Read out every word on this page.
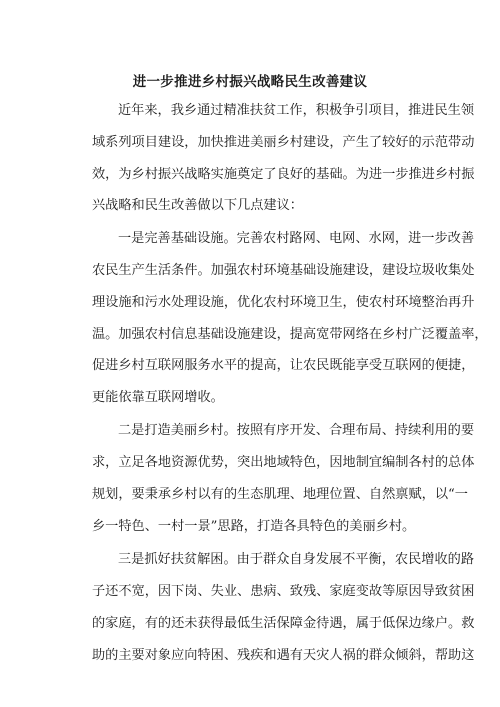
进一步推进乡村振兴战略民生改善建议
近年来，我乡通过精准扶贫工作，积极争引项目，推进民生领
域系列项目建设，加快推进美丽乡村建设，产生了较好的示范带动
效，为乡村振兴战略实施奠定了良好的基础。为进一步推进乡村振
兴战略和民生改善做以下几点建议：
一是完善基础设施。完善农村路网、电网、水网，进一步改善
农民生产生活条件。加强农村环境基础设施建设，建设垃圾收集处
理设施和污水处理设施，优化农村环境卫生，使农村环境整治再升
温。加强农村信息基础设施建设，提高宽带网络在乡村广泛覆盖率，
促进乡村互联网服务水平的提高，让农民既能享受互联网的便捷，
更能依靠互联网增收。
二是打造美丽乡村。按照有序开发、合理布局、持续利用的要
求，立足各地资源优势，突出地域特色，因地制宜编制各村的总体
规划，要秉承乡村以有的生态肌理、地理位置、自然禀赋，以“一
乡一特色、一村一景”思路，打造各具特色的美丽乡村。
三是抓好扶贫解困。由于群众自身发展不平衡，农民增收的路
子还不宽，因下岗、失业、患病、致残、家庭变故等原因导致贫困
的家庭，有的还未获得最低生活保障金待遇，属于低保边缘户。救
助的主要对象应向特困、残疾和遇有天灾人祸的群众倾斜，帮助这
